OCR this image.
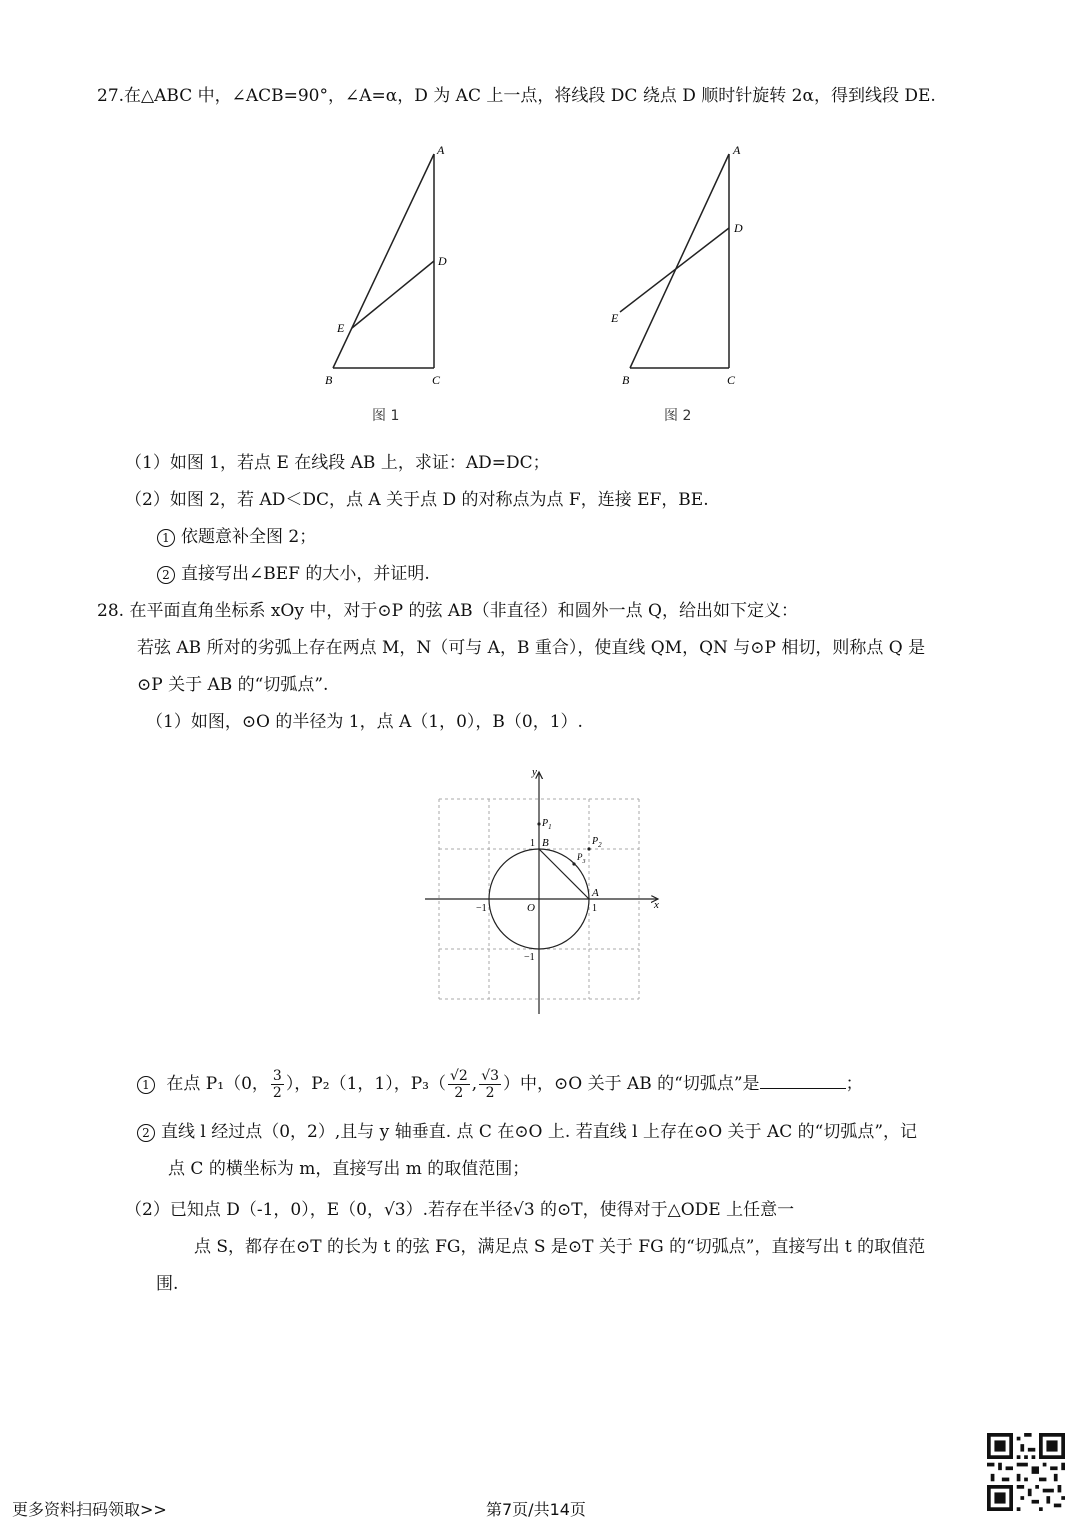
27.在△ABC 中，∠ACB=90°，∠A=α，D 为 AC 上一点，将线段 DC 绕点 D 顺时针旋转 2α，得到线段 DE.
A
D
E
B	C
图 1
A
D
E
B	C
图 2
（1）如图 1，若点 E 在线段 AB 上，求证：AD=DC；
（2）如图 2，若 AD＜DC，点 A 关于点 D 的对称点为点 F，连接 EF，BE.
1 依题意补全图 2；
2 直接写出∠BEF 的大小，并证明.
28. 在平面直角坐标系 xOy 中，对于⊙P 的弦 AB（非直径）和圆外一点 Q，给出如下定义：
若弦 AB 所对的劣弧上存在两点 M，N（可与 A，B 重合），使直线 QM，QN 与⊙P 相切，则称点 Q 是
⊙P 关于 AB 的“切弧点”.
（1）如图，⊙O 的半径为 1，点 A（1，0），B（0，1）.
y
x
O
−1	1
1
−1
A
B
$P_1$
$P_2$
$P_3$
1 在点 P₁（0， $\frac{3}{2}$ ），P₂（1，1），$P_3( \frac{√2}{2}$ , $\frac{√3}{2}$ ）中，⊙O 关于 AB 的“切弧点”是	；
2 直线 l 经过点（0，2）,且与 y 轴垂直. 点 C 在⊙O 上. 若直线 l 上存在⊙O 关于 AC 的“切弧点”，记
点 C 的横坐标为 m，直接写出 m 的取值范围；
（2）已知点 D（-1，0），E（0，√3）.若存在半径√3 的⊙T，使得对于△ODE 上任意一
点 S，都存在⊙T 的长为 t 的弦 FG，满足点 S 是⊙T 关于 FG 的“切弧点”，直接写出 t 的取值范
围.
更多资料扫码领取>>	第7页/共14页
